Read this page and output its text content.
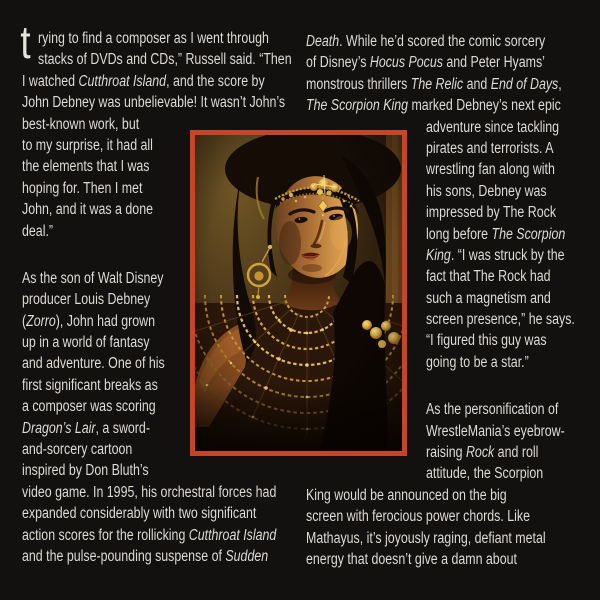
t rying to find a composer as I went through
stacks of DVDs and CDs,” Russell said. “Then
I watched Cutthroat Island, and the score by
John Debney was unbelievable! It wasn’t John’s
best-known work, but
to my surprise, it had all
the elements that I was
hoping for. Then I met
John, and it was a done
deal.”
As the son of Walt Disney
producer Louis Debney
(Zorro), John had grown
up in a world of fantasy
and adventure. One of his
first significant breaks as
a composer was scoring
Dragon’s Lair, a sword-
and-sorcery cartoon
inspired by Don Bluth’s
video game. In 1995, his orchestral forces had
expanded considerably with two significant
action scores for the rollicking Cutthroat Island
and the pulse-pounding suspense of Sudden
Death. While he’d scored the comic sorcery
of Disney’s Hocus Pocus and Peter Hyams’
monstrous thrillers The Relic and End of Days,
The Scorpion King marked Debney’s next epic
adventure since tackling
pirates and terrorists. A
wrestling fan along with
his sons, Debney was
impressed by The Rock
long before The Scorpion
King. “I was struck by the
fact that The Rock had
such a magnetism and
screen presence,” he says.
“I figured this guy was
going to be a star.”
As the personification of
WrestleMania’s eyebrow-
raising Rock and roll
attitude, the Scorpion
King would be announced on the big
screen with ferocious power chords. Like
Mathayus, it’s joyously raging, defiant metal
energy that doesn’t give a damn about
